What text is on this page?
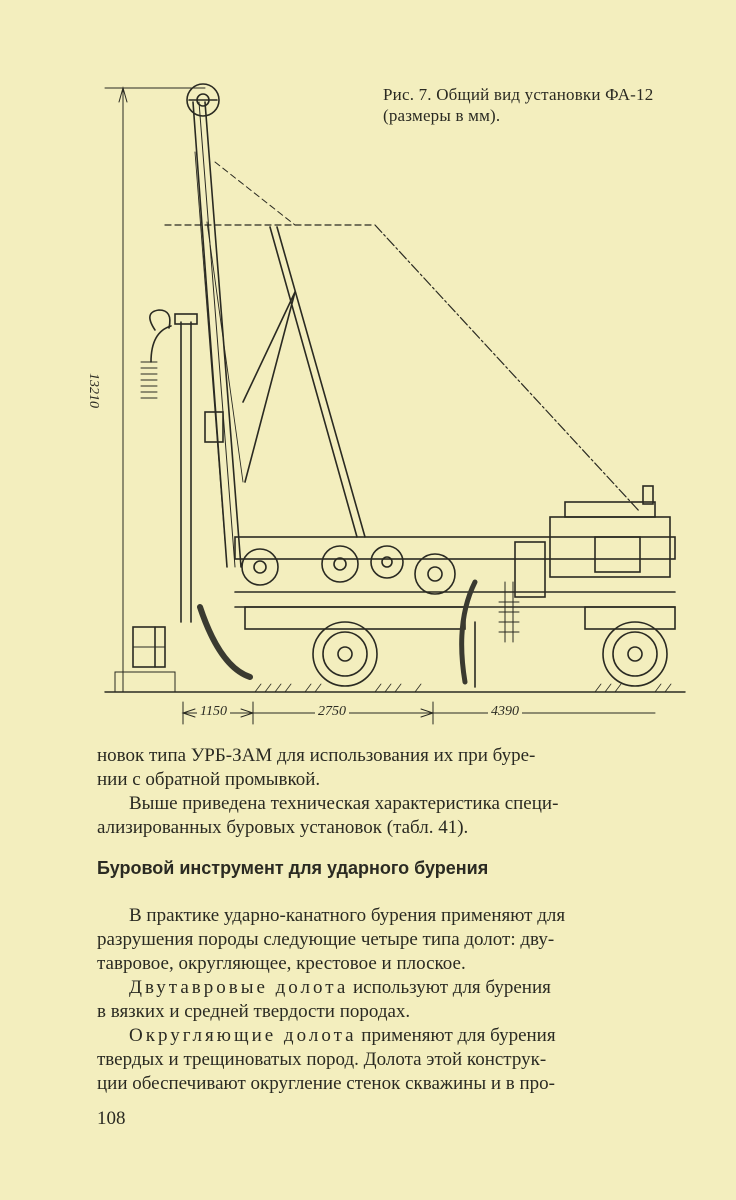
13210
1150	2750	4390
Рис. 7. Общий вид установки ФА-12
(размеры в мм).
новок типа УРБ-ЗАМ для использования их при буре-
нии с обратной промывкой.
Выше приведена техническая характеристика специ-
ализированных буровых установок (табл. 41).
Буровой инструмент для ударного бурения
В практике ударно-канатного бурения применяют для
разрушения породы следующие четыре типа долот: дву-
тавровое, округляющее, крестовое и плоское.
Двутавровые долота используют для бурения
в вязких и средней твердости породах.
Округляющие долота применяют для бурения
твердых и трещиноватых пород. Долота этой конструк-
ции обеспечивают округление стенок скважины и в про-
108
